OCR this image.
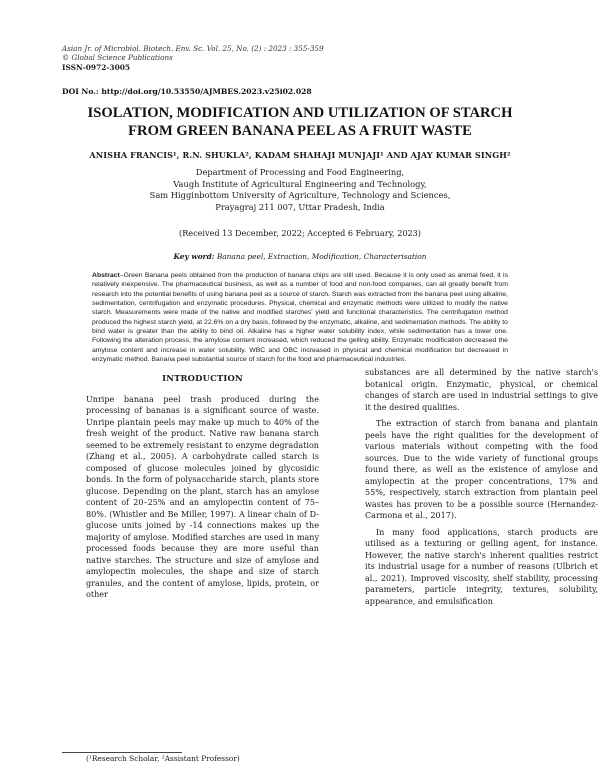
Asian Jr. of Microbiol. Biotech. Env. Sc. Vol. 25, No. (2) : 2023 : 355-359
© Global Science Publications
ISSN-0972-3005
DOI No.: http://doi.org/10.53550/AJMBES.2023.v25i02.028
ISOLATION, MODIFICATION AND UTILIZATION OF STARCH
FROM GREEN BANANA PEEL AS A FRUIT WASTE
ANISHA FRANCIS¹, R.N. SHUKLA², KADAM SHAHAJI MUNJAJI¹ AND AJAY KUMAR SINGH²
Department of Processing and Food Engineering,
Vaugh Institute of Agricultural Engineering and Technology,
Sam Higginbottom University of Agriculture, Technology and Sciences,
Prayagraj 211 007, Uttar Pradesh, India
(Received 13 December, 2022; Accepted 6 February, 2023)
Key word: Banana peel, Extraction, Modification, Characterisation
Abstract–Green Banana peels obtained from the production of banana chips are still used. Because it is only used as animal feed, it is relatively inexpensive. The pharmaceutical business, as well as a number of food and non-food companies, can all greatly benefit from research into the potential benefits of using banana peel as a source of starch. Starch was extracted from the banana peel using alkaline, sedimentation, centrifugation and enzymatic procedures. Physical, chemical and enzymatic methods were utilized to modify the native starch. Measurements were made of the native and modified starches' yield and functional characteristics. The centrifugation method produced the highest starch yield, at 22.6% on a dry basis, followed by the enzymatic, alkaline, and sedimentation methods. The ability to bind water is greater than the ability to bind oil. Alkaline has a higher water solubility index, while sedimentation has a lower one. Following the alteration process, the amylose content increased, which reduced the gelling ability. Enzymatic modification decreased the amylose content and increase in water solubility. WBC and OBC increased in physical and chemical modification but decreased in enzymatic method. Banana peel substantial source of starch for the food and pharmaceutical industries.
INTRODUCTION

Unripe banana peel trash produced during the processing of bananas is a significant source of waste. Unripe plantain peels may make up much to 40% of the fresh weight of the product. Native raw banana starch seemed to be extremely resistant to enzyme degradation (Zhang et al., 2005). A carbohydrate called starch is composed of glucose molecules joined by glycosidic bonds. In the form of polysaccharide starch, plants store glucose. Depending on the plant, starch has an amylose content of 20–25% and an amylopectin content of 75–80%. (Whistler and Be Miller, 1997). A linear chain of D-glucose units joined by -14 connections makes up the majority of amylose. Modified starches are used in many processed foods because they are more useful than native starches. The structure and size of amylose and amylopectin molecules, the shape and size of starch granules, and the content of amylose, lipids, protein, or other

substances are all determined by the native starch's botanical origin. Enzymatic, physical, or chemical changes of starch are used in industrial settings to give it the desired qualities.

The extraction of starch from banana and plantain peels have the right qualities for the development of various materials without competing with the food sources. Due to the wide variety of functional groups found there, as well as the existence of amylose and amylopectin at the proper concentrations, 17% and 55%, respectively, starch extraction from plantain peel wastes has proven to be a possible source (Hernandez-Carmona et al., 2017).

In many food applications, starch products are utilised as a texturing or gelling agent, for instance. However, the native starch's inherent qualities restrict its industrial usage for a number of reasons (Ulbrich et al., 2021). Improved viscosity, shelf stability, processing parameters, particle integrity, textures, solubility, appearance, and emulsification

(¹Research Scholar, ²Assistant Professor)
